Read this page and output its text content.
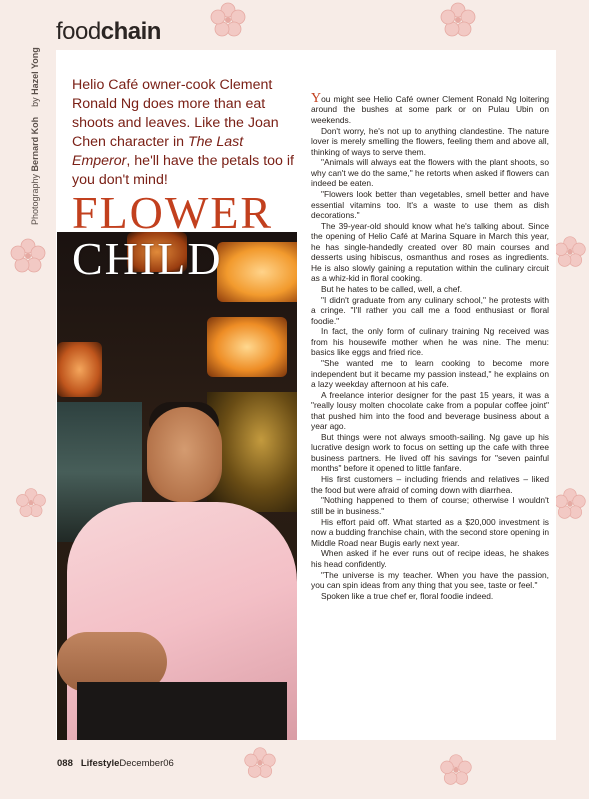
foodchain
Photography Bernard Koh    by Hazel Yong Helio Café owner-cook Clement Ronald Ng does more than eat shoots and leaves. Like the Joan Chen character in The Last Emperor, he'll have the petals too if you don't mind!
FLOWER
CHILD

You might see Helio Café owner Clement Ronald Ng loitering around the bushes at some park or on Pulau Ubin on weekends.

Don't worry, he's not up to anything clandestine. The nature lover is merely smelling the flowers, feeling them and above all, thinking of ways to serve them.

"Animals will always eat the flowers with the plant shoots, so why can't we do the same," he retorts when asked if flowers can indeed be eaten.

"Flowers look better than vegetables, smell better and have essential vitamins too. It's a waste to use them as dish decorations."

The 39-year-old should know what he's talking about. Since the opening of Helio Café at Marina Square in March this year, he has single-handedly created over 80 main courses and desserts using hibiscus, osmanthus and roses as ingredients. He is also slowly gaining a reputation within the culinary circuit as a whiz-kid in floral cooking.

But he hates to be called, well, a chef.

"I didn't graduate from any culinary school," he protests with a cringe. "I'll rather you call me a food enthusiast or floral foodie."

In fact, the only form of culinary training Ng received was from his housewife mother when he was nine. The menu: basics like eggs and fried rice.

"She wanted me to learn cooking to become more independent but it became my passion instead," he explains on a lazy weekday afternoon at his cafe.

A freelance interior designer for the past 15 years, it was a "really lousy molten chocolate cake from a popular coffee joint" that pushed him into the food and beverage business about a year ago.

But things were not always smooth-sailing. Ng gave up his lucrative design work to focus on setting up the cafe with three business partners. He lived off his savings for "seven painful months" before it opened to little fanfare.

His first customers – including friends and relatives – liked the food but were afraid of coming down with diarrhea.

"Nothing happened to them of course; otherwise I wouldn't still be in business."

His effort paid off. What started as a $20,000 investment is now a budding franchise chain, with the second store opening in Middle Road near Bugis early next year.

When asked if he ever runs out of recipe ideas, he shakes his head confidently.

"The universe is my teacher. When you have the passion, you can spin ideas from any thing that you see, taste or feel."

Spoken like a true chef er, floral foodie indeed.

088 LifestyleDecember06
